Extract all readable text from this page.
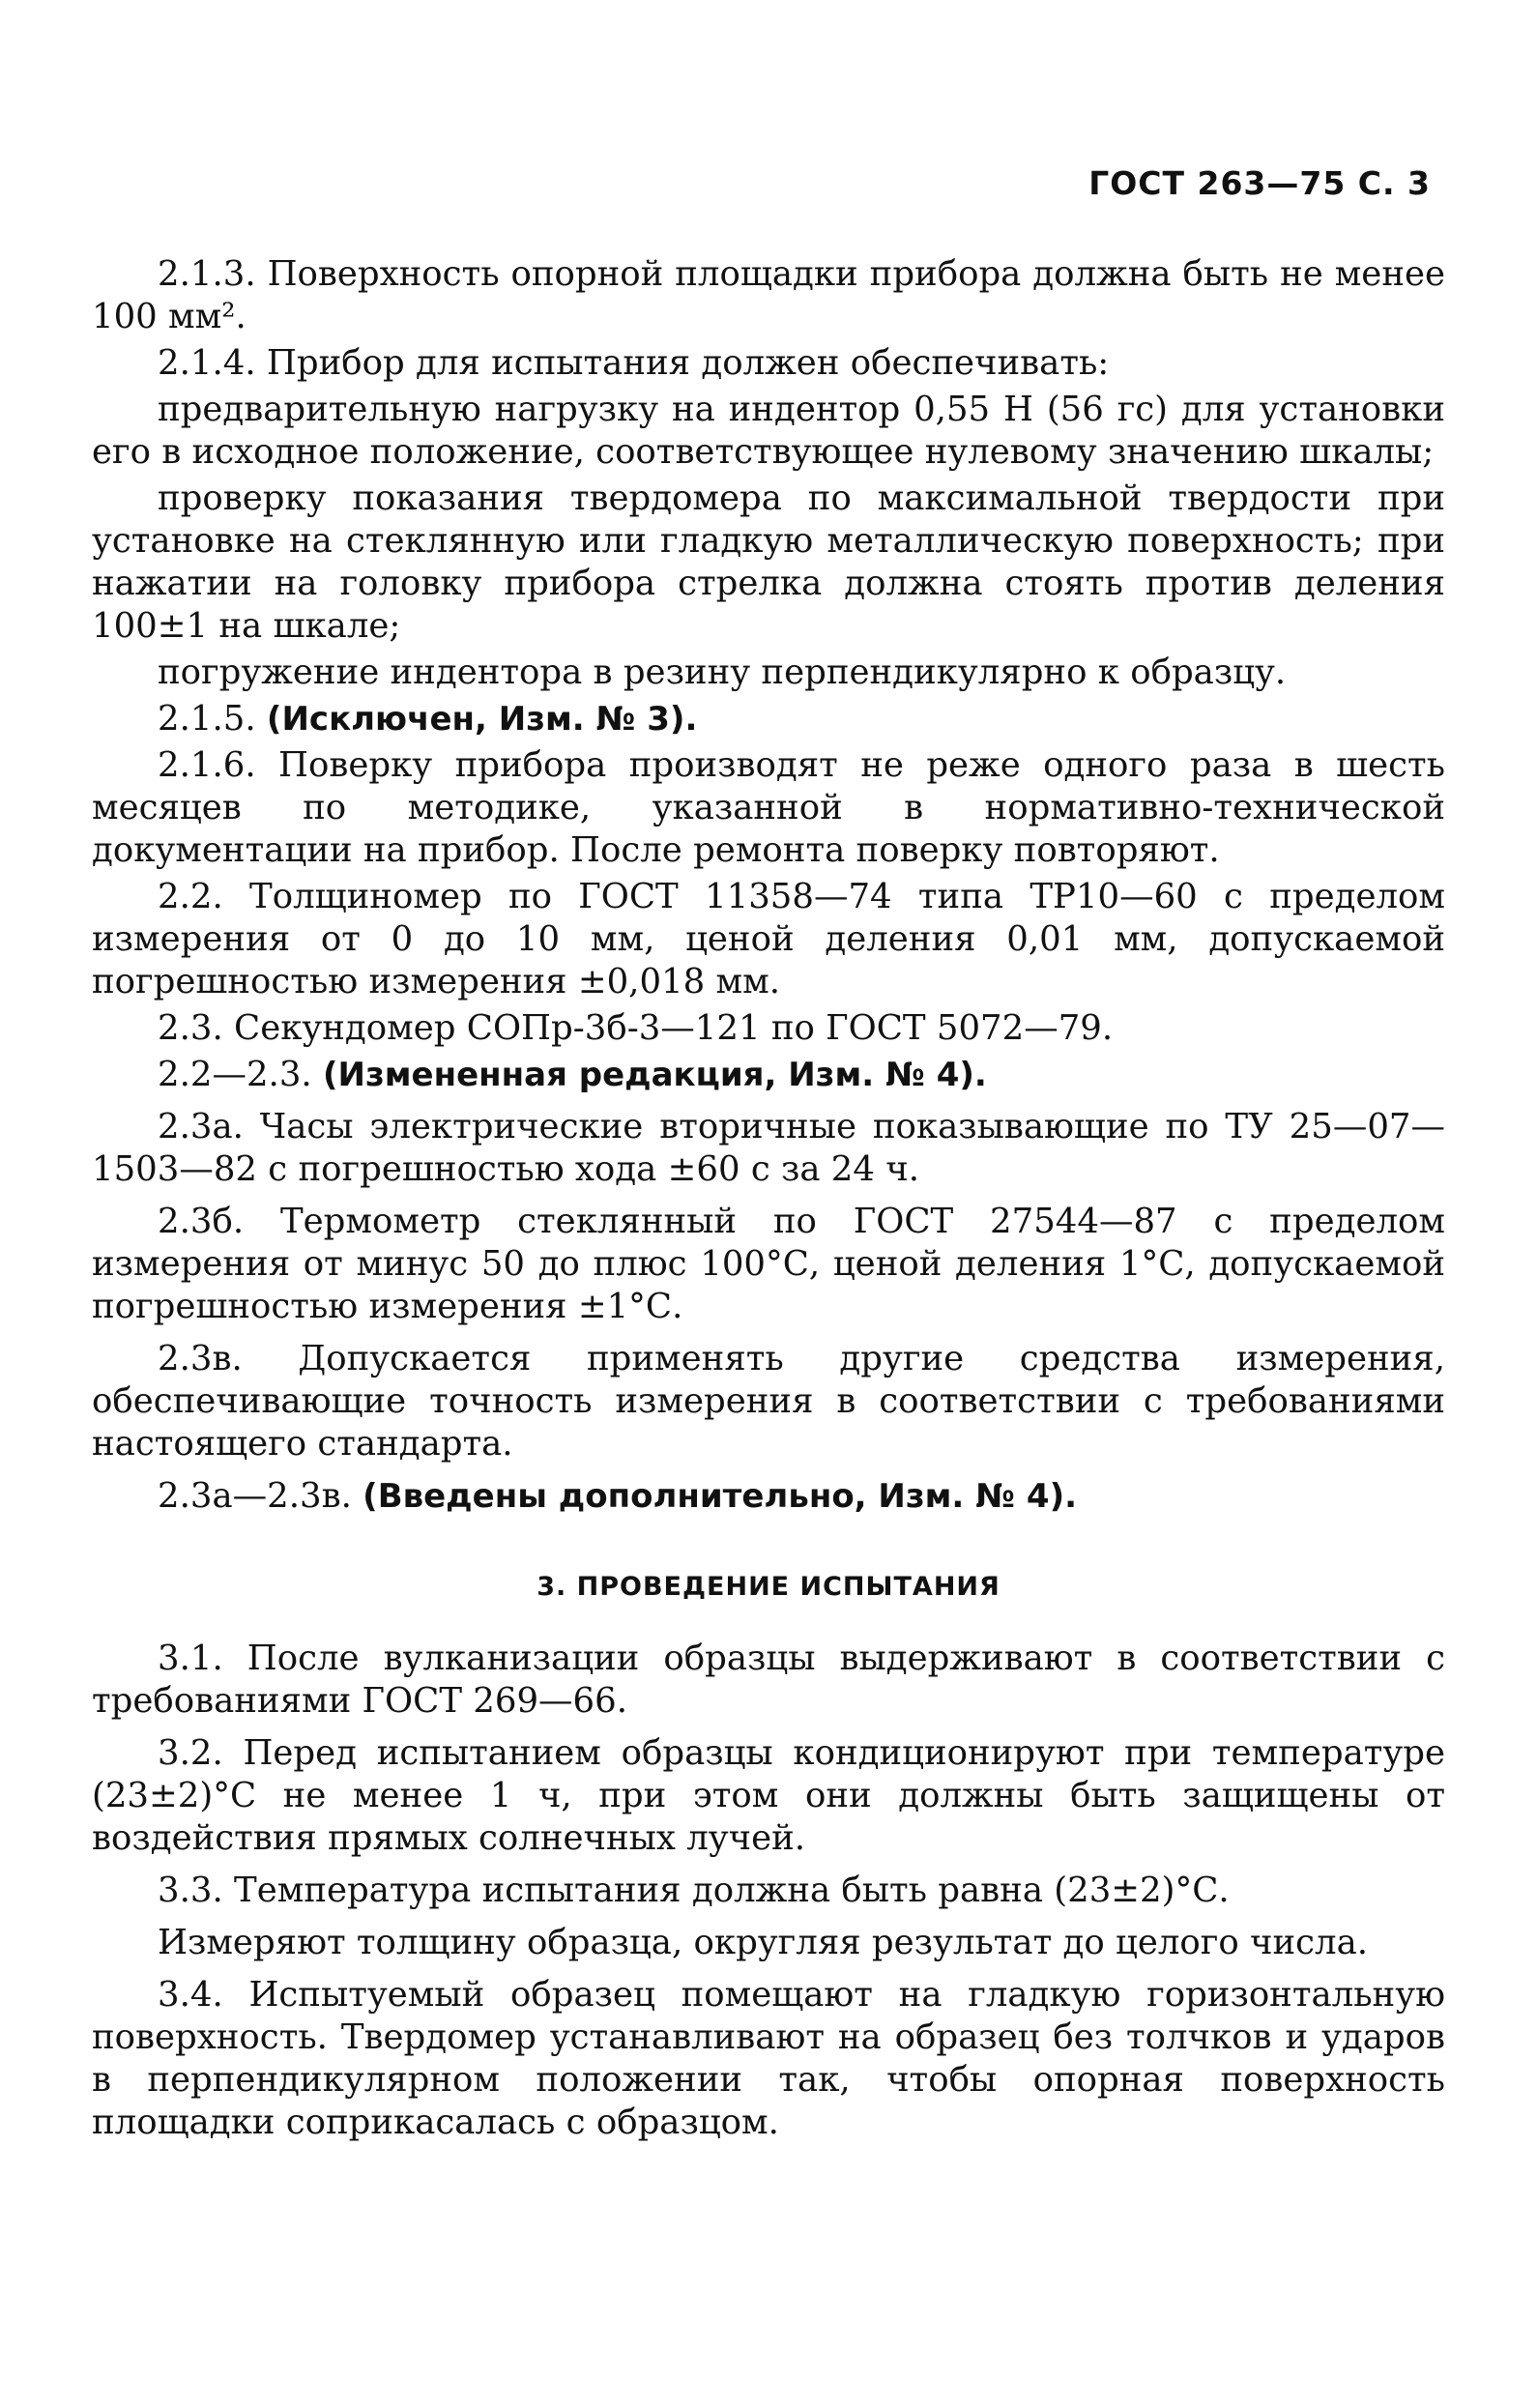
ГОСТ 263—75 С. 3

2.1.3. Поверхность опорной площадки прибора должна быть не менее 100 мм².

2.1.4. Прибор для испытания должен обеспечивать:

предварительную нагрузку на индентор 0,55 Н (56 гс) для установки его в исходное положение, соответствующее нулевому значению шкалы;

проверку показания твердомера по максимальной твердости при установке на стеклянную или гладкую металлическую поверхность; при нажатии на головку прибора стрелка должна стоять против деления 100±1 на шкале;

погружение индентора в резину перпендикулярно к образцу.

2.1.5. (Исключен, Изм. № 3).

2.1.6. Поверку прибора производят не реже одного раза в шесть месяцев по методике, указанной в нормативно-технической документации на прибор. После ремонта поверку повторяют.

2.2. Толщиномер по ГОСТ 11358—74 типа ТР10—60 с пределом измерения от 0 до 10 мм, ценой деления 0,01 мм, допускаемой погрешностью измерения ±0,018 мм.

2.3. Секундомер СОПр-3б-3—121 по ГОСТ 5072—79.

2.2—2.3. (Измененная редакция, Изм. № 4).

2.3а. Часы электрические вторичные показывающие по ТУ 25—07—1503—82 с погрешностью хода ±60 с за 24 ч.

2.3б. Термометр стеклянный по ГОСТ 27544—87 с пределом измерения от минус 50 до плюс 100°С, ценой деления 1°С, допускаемой погрешностью измерения ±1°С.

2.3в. Допускается применять другие средства измерения, обеспечивающие точность измерения в соответствии с требованиями настоящего стандарта.

2.3а—2.3в. (Введены дополнительно, Изм. № 4).

3. ПРОВЕДЕНИЕ ИСПЫТАНИЯ

3.1. После вулканизации образцы выдерживают в соответствии с требованиями ГОСТ 269—66.

3.2. Перед испытанием образцы кондиционируют при температуре (23±2)°С не менее 1 ч, при этом они должны быть защищены от воздействия прямых солнечных лучей.

3.3. Температура испытания должна быть равна (23±2)°С.

Измеряют толщину образца, округляя результат до целого числа.

3.4. Испытуемый образец помещают на гладкую горизонтальную поверхность. Твердомер устанавливают на образец без толчков и ударов в перпендикулярном положении так, чтобы опорная поверхность площадки соприкасалась с образцом.
